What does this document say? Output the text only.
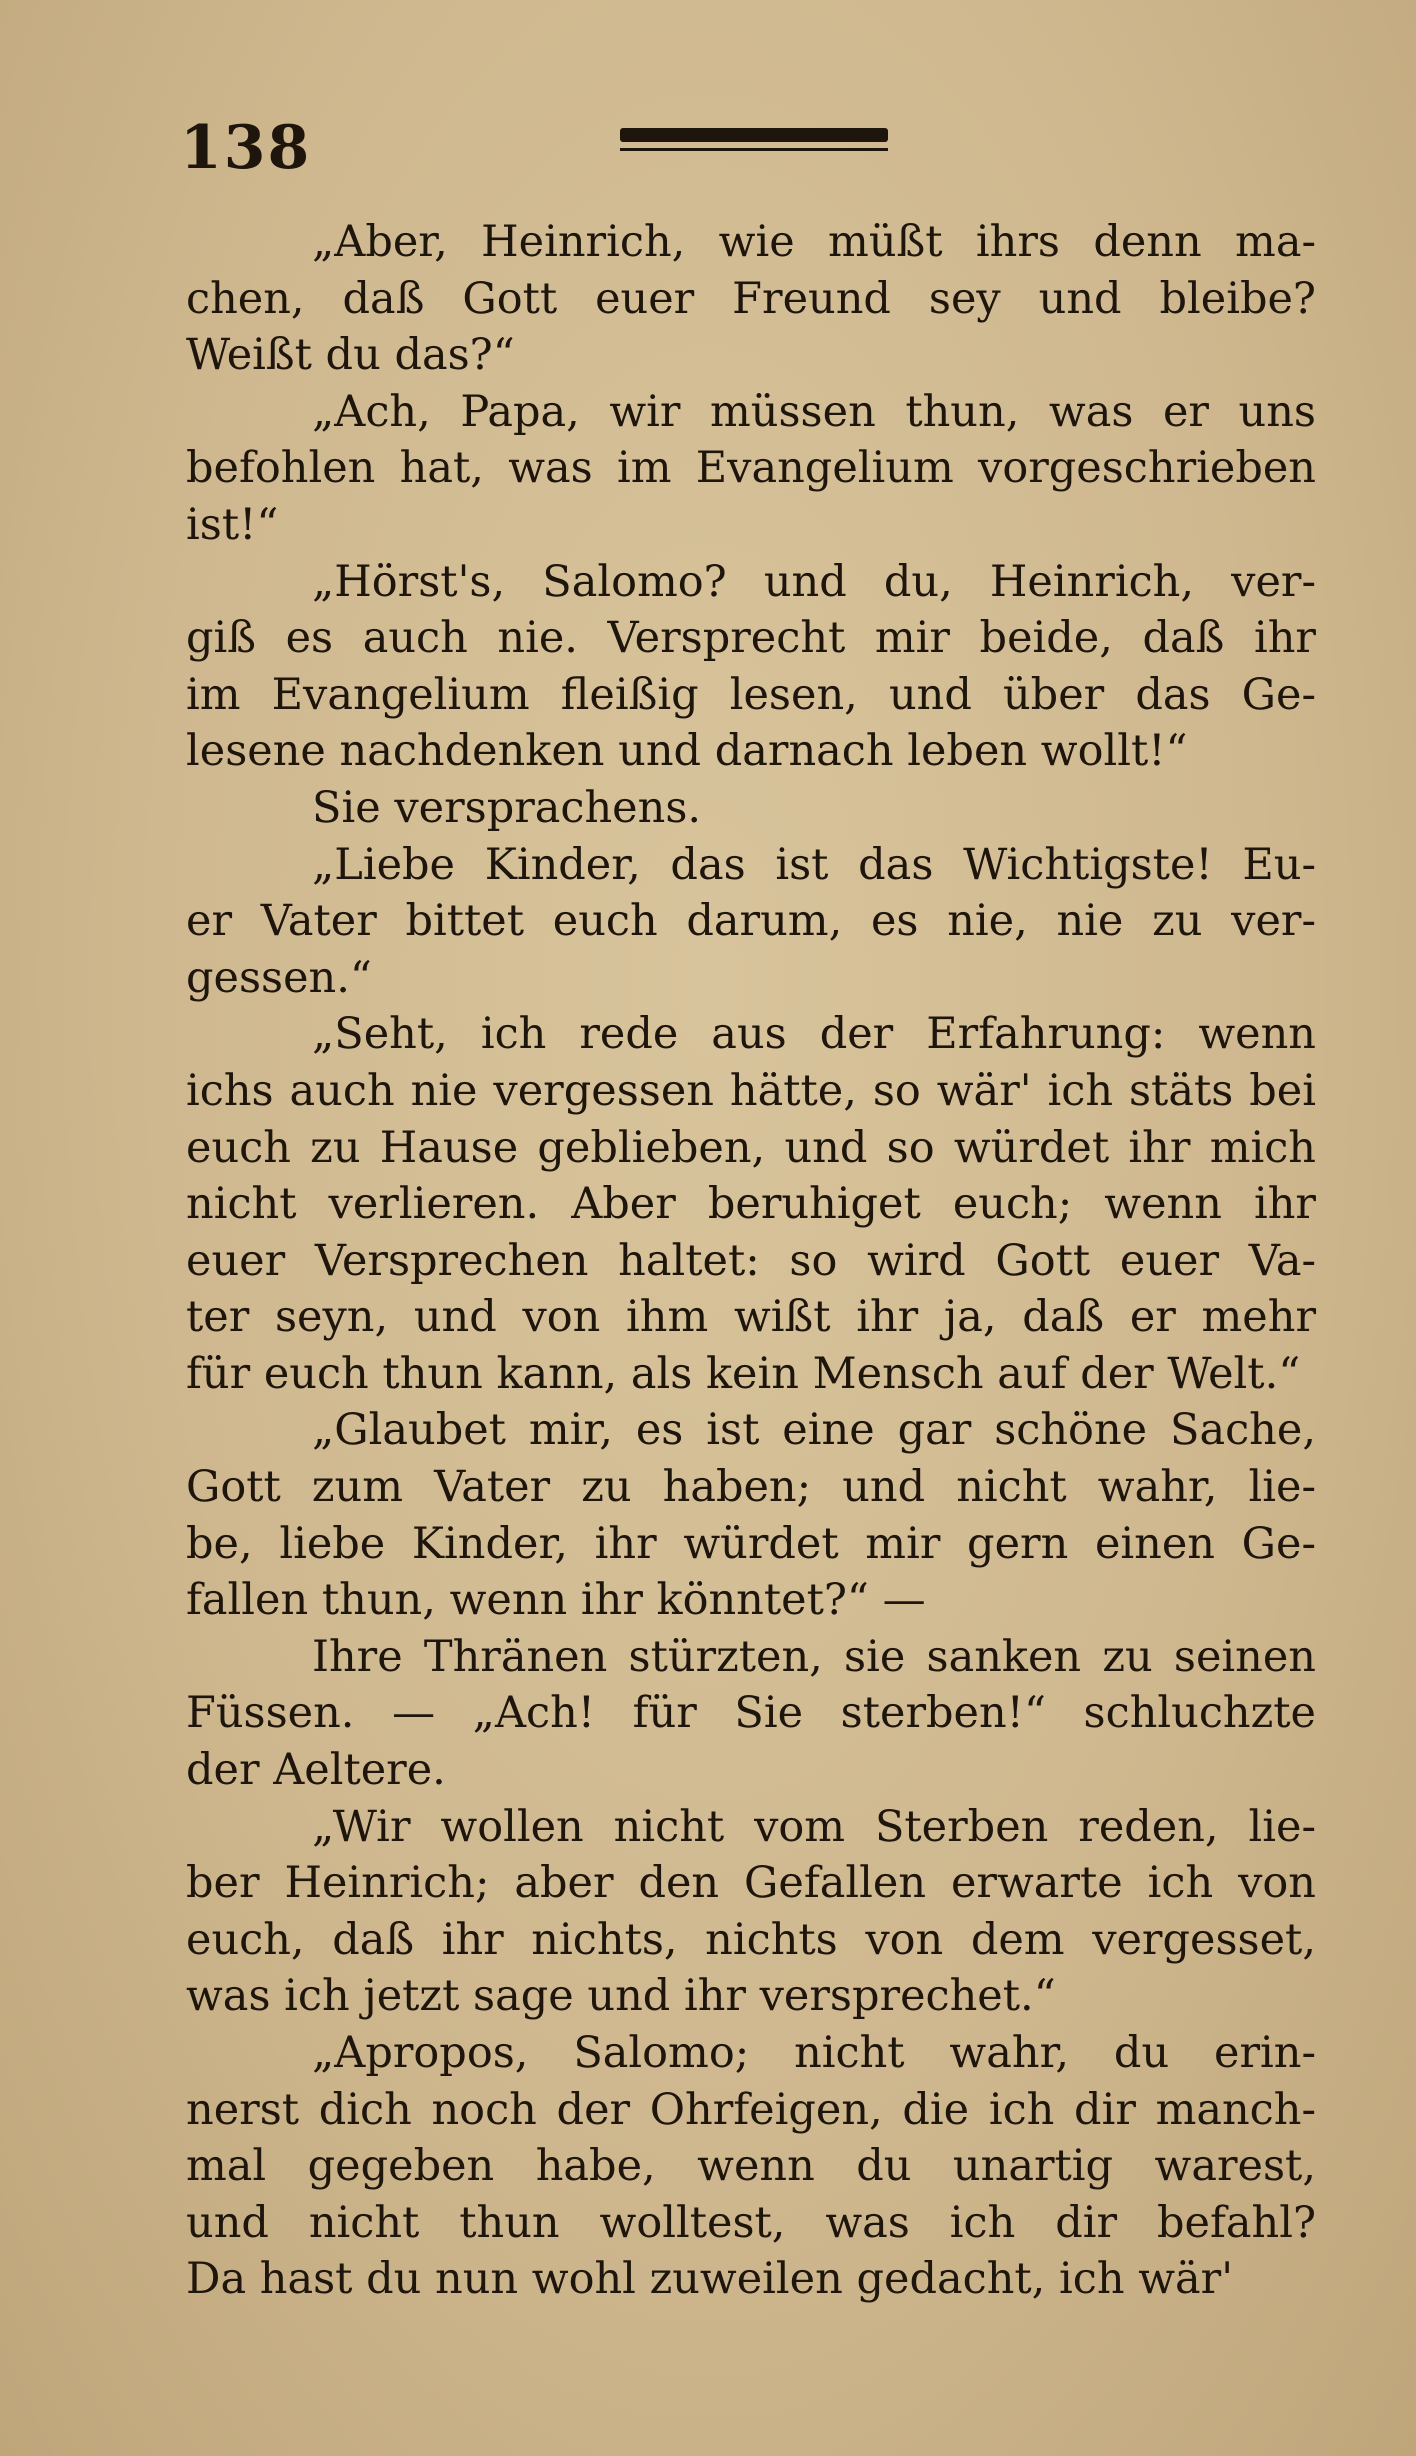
138
„Aber, Heinrich, wie müßt ihrs denn ma-
chen, daß Gott euer Freund sey und bleibe?
Weißt du das?“
„Ach, Papa, wir müssen thun, was er uns
befohlen hat, was im Evangelium vorgeschrieben
ist!“
„Hörst's, Salomo? und du, Heinrich, ver-
giß es auch nie. Versprecht mir beide, daß ihr
im Evangelium fleißig lesen, und über das Ge-
lesene nachdenken und darnach leben wollt!“
Sie versprachens.
„Liebe Kinder, das ist das Wichtigste! Eu-
er Vater bittet euch darum, es nie, nie zu ver-
gessen.“
„Seht, ich rede aus der Erfahrung: wenn
ichs auch nie vergessen hätte, so wär' ich stäts bei
euch zu Hause geblieben, und so würdet ihr mich
nicht verlieren. Aber beruhiget euch; wenn ihr
euer Versprechen haltet: so wird Gott euer Va-
ter seyn, und von ihm wißt ihr ja, daß er mehr
für euch thun kann, als kein Mensch auf der Welt.“
„Glaubet mir, es ist eine gar schöne Sache,
Gott zum Vater zu haben; und nicht wahr, lie-
be, liebe Kinder, ihr würdet mir gern einen Ge-
fallen thun, wenn ihr könntet?“ —
Ihre Thränen stürzten, sie sanken zu seinen
Füssen. — „Ach! für Sie sterben!“ schluchzte
der Aeltere.
„Wir wollen nicht vom Sterben reden, lie-
ber Heinrich; aber den Gefallen erwarte ich von
euch, daß ihr nichts, nichts von dem vergesset,
was ich jetzt sage und ihr versprechet.“
„Apropos, Salomo; nicht wahr, du erin-
nerst dich noch der Ohrfeigen, die ich dir manch-
mal gegeben habe, wenn du unartig warest,
und nicht thun wolltest, was ich dir befahl?
Da hast du nun wohl zuweilen gedacht, ich wär'
